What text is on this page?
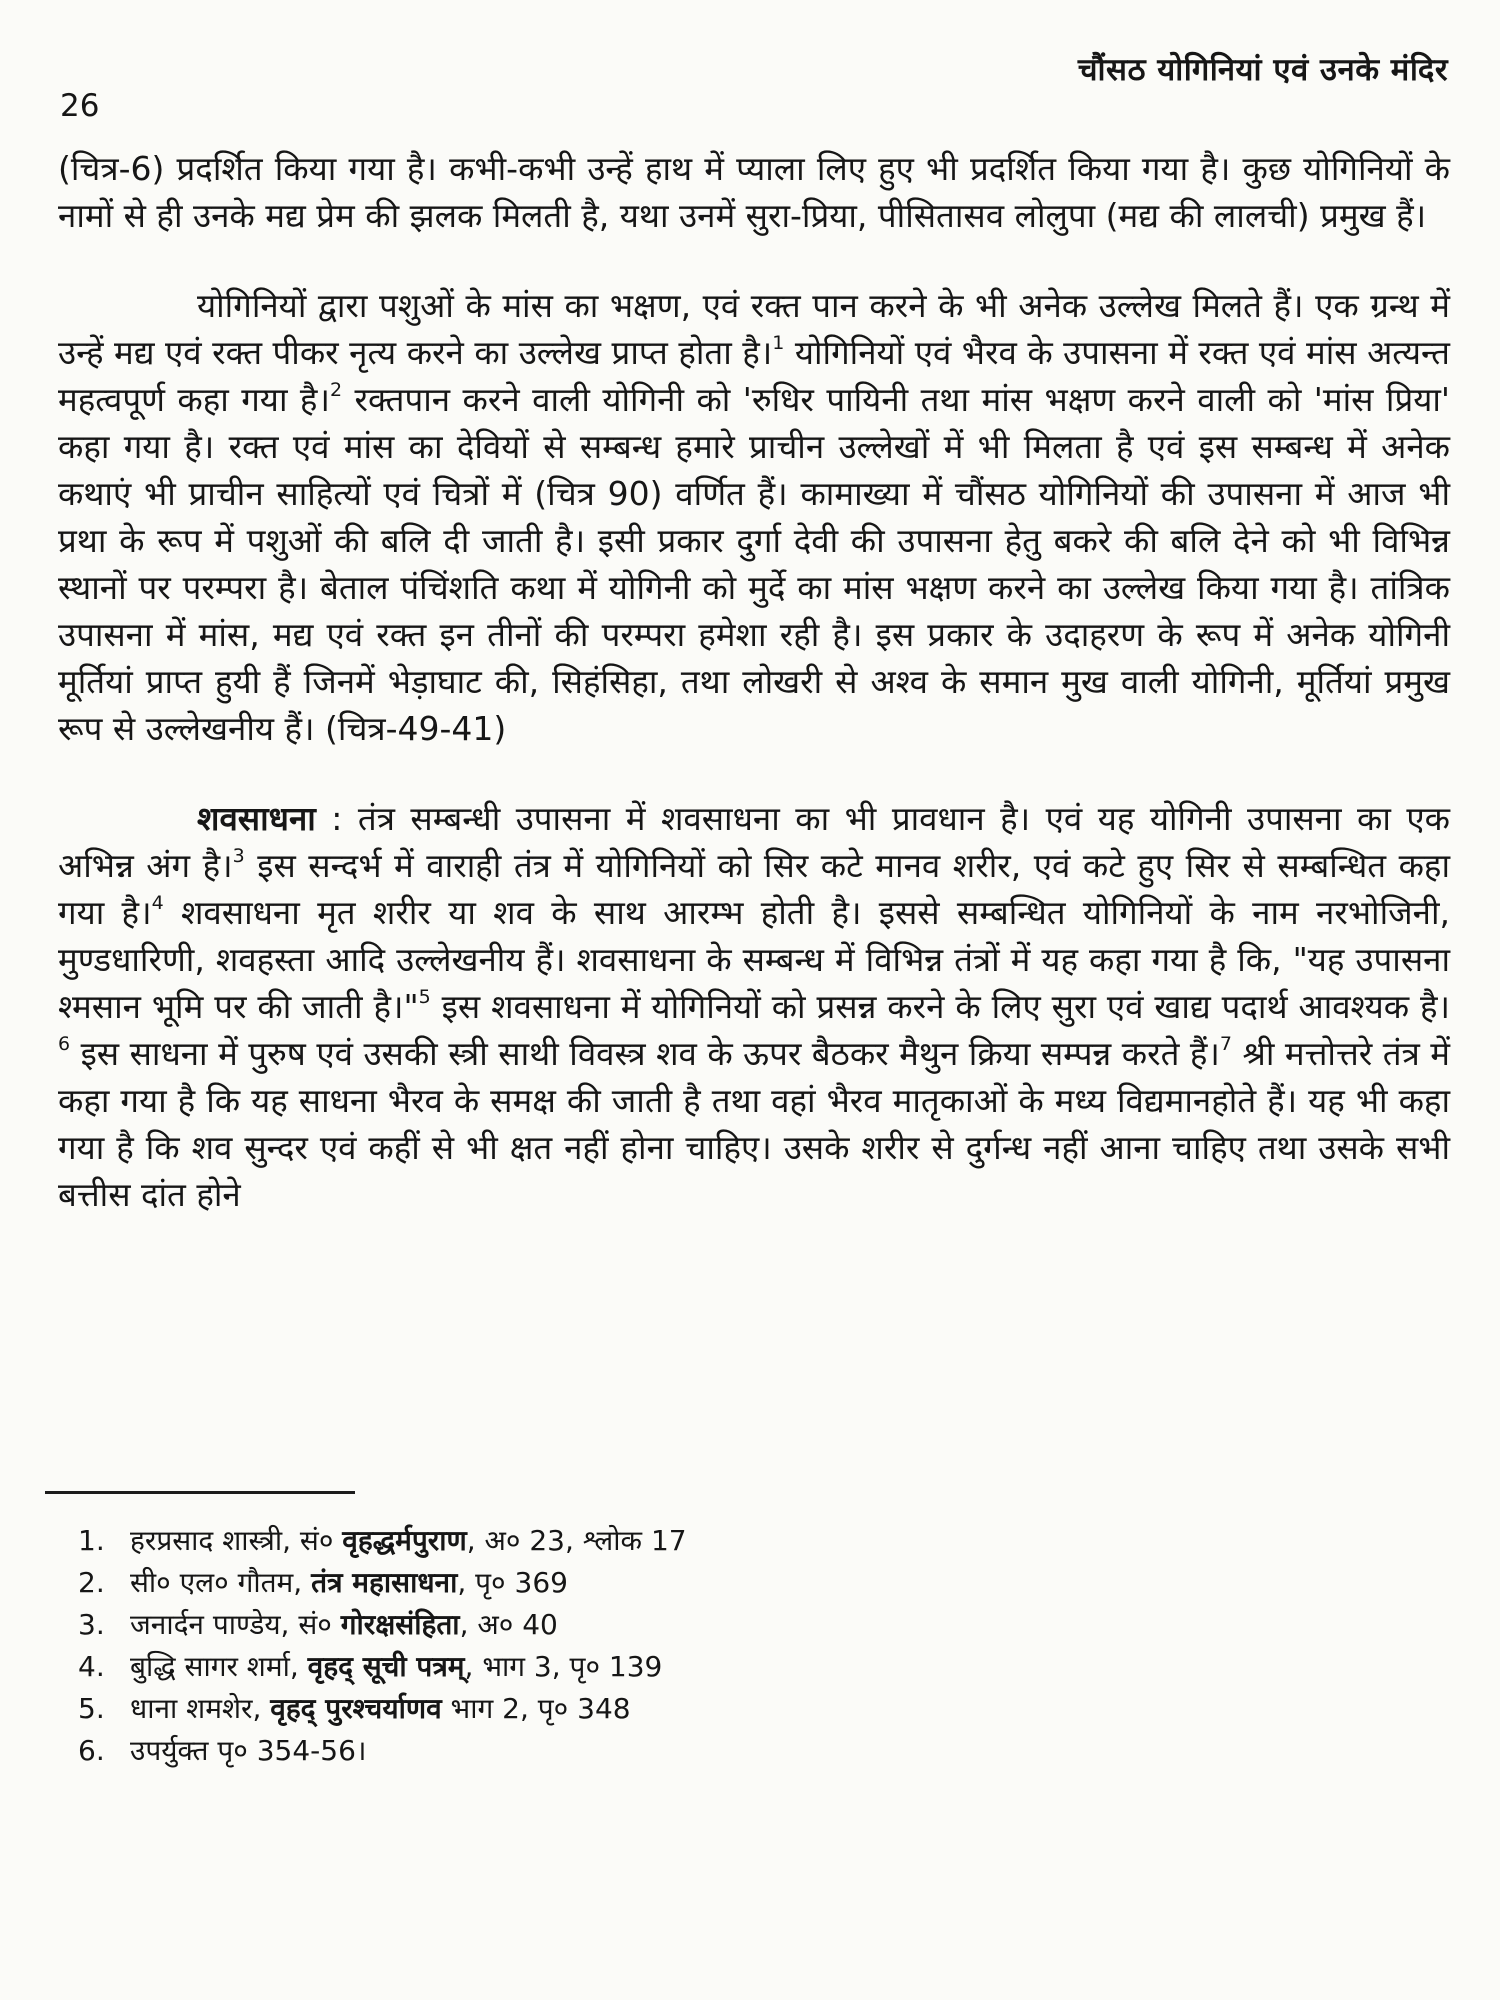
चौंसठ योगिनियां एवं उनके मंदिर
26

(चित्र-6) प्रदर्शित किया गया है। कभी-कभी उन्हें हाथ में प्याला लिए हुए भी प्रदर्शित किया गया है। कुछ योगिनियों के नामों से ही उनके मद्य प्रेम की झलक मिलती है, यथा उनमें सुरा-प्रिया, पीसितासव लोलुपा (मद्य की लालची) प्रमुख हैं।

योगिनियों द्वारा पशुओं के मांस का भक्षण, एवं रक्त पान करने के भी अनेक उल्लेख मिलते हैं। एक ग्रन्थ में उन्हें मद्य एवं रक्त पीकर नृत्य करने का उल्लेख प्राप्त होता है।$^1$ योगिनियों एवं भैरव के उपासना में रक्त एवं मांस अत्यन्त महत्वपूर्ण कहा गया है।$^2$ रक्तपान करने वाली योगिनी को 'रुधिर पायिनी तथा मांस भक्षण करने वाली को 'मांस प्रिया' कहा गया है। रक्त एवं मांस का देवियों से सम्बन्ध हमारे प्राचीन उल्लेखों में भी मिलता है एवं इस सम्बन्ध में अनेक कथाएं भी प्राचीन साहित्यों एवं चित्रों में (चित्र 90) वर्णित हैं। कामाख्या में चौंसठ योगिनियों की उपासना में आज भी प्रथा के रूप में पशुओं की बलि दी जाती है। इसी प्रकार दुर्गा देवी की उपासना हेतु बकरे की बलि देने को भी विभिन्न स्थानों पर परम्परा है। बेताल पंचिंशति कथा में योगिनी को मुर्दे का मांस भक्षण करने का उल्लेख किया गया है। तांत्रिक उपासना में मांस, मद्य एवं रक्त इन तीनों की परम्परा हमेशा रही है। इस प्रकार के उदाहरण के रूप में अनेक योगिनी मूर्तियां प्राप्त हुयी हैं जिनमें भेड़ाघाट की, सिहंसिहा, तथा लोखरी से अश्व के समान मुख वाली योगिनी, मूर्तियां प्रमुख रूप से उल्लेखनीय हैं। (चित्र-49-41)

शवसाधना : तंत्र सम्बन्धी उपासना में शवसाधना का भी प्रावधान है। एवं यह योगिनी उपासना का एक अभिन्न अंग है।$^3$ इस सन्दर्भ में वाराही तंत्र में योगिनियों को सिर कटे मानव शरीर, एवं कटे हुए सिर से सम्बन्धित कहा गया है।$^4$ शवसाधना मृत शरीर या शव के साथ आरम्भ होती है। इससे सम्बन्धित योगिनियों के नाम नरभोजिनी, मुण्डधारिणी, शवहस्ता आदि उल्लेखनीय हैं। शवसाधना के सम्बन्ध में विभिन्न तंत्रों में यह कहा गया है कि, "यह उपासना श्मसान भूमि पर की जाती है।"$^5$ इस शवसाधना में योगिनियों को प्रसन्न करने के लिए सुरा एवं खाद्य पदार्थ आवश्यक है।$^6$ इस साधना में पुरुष एवं उसकी स्त्री साथी विवस्त्र शव के ऊपर बैठकर मैथुन क्रिया सम्पन्न करते हैं।$^7$ श्री मत्तोत्तरे तंत्र में कहा गया है कि यह साधना भैरव के समक्ष की जाती है तथा वहां भैरव मातृकाओं के मध्य विद्यमानहोते हैं। यह भी कहा गया है कि शव सुन्दर एवं कहीं से भी क्षत नहीं होना चाहिए। उसके शरीर से दुर्गन्ध नहीं आना चाहिए तथा उसके सभी बत्तीस दांत होने

1. हरप्रसाद शास्त्री, सं० वृहद्धर्मपुराण, अ० 23, श्लोक 17
2. सी० एल० गौतम, तंत्र महासाधना, पृ० 369
3. जनार्दन पाण्डेय, सं० गोरक्षसंहिता, अ० 40
4. बुद्धि सागर शर्मा, वृहद् सूची पत्रम्, भाग 3, पृ० 139
5. धाना शमशेर, वृहद् पुरश्चर्याणव भाग 2, पृ० 348
6. उपर्युक्त पृ० 354-56।
